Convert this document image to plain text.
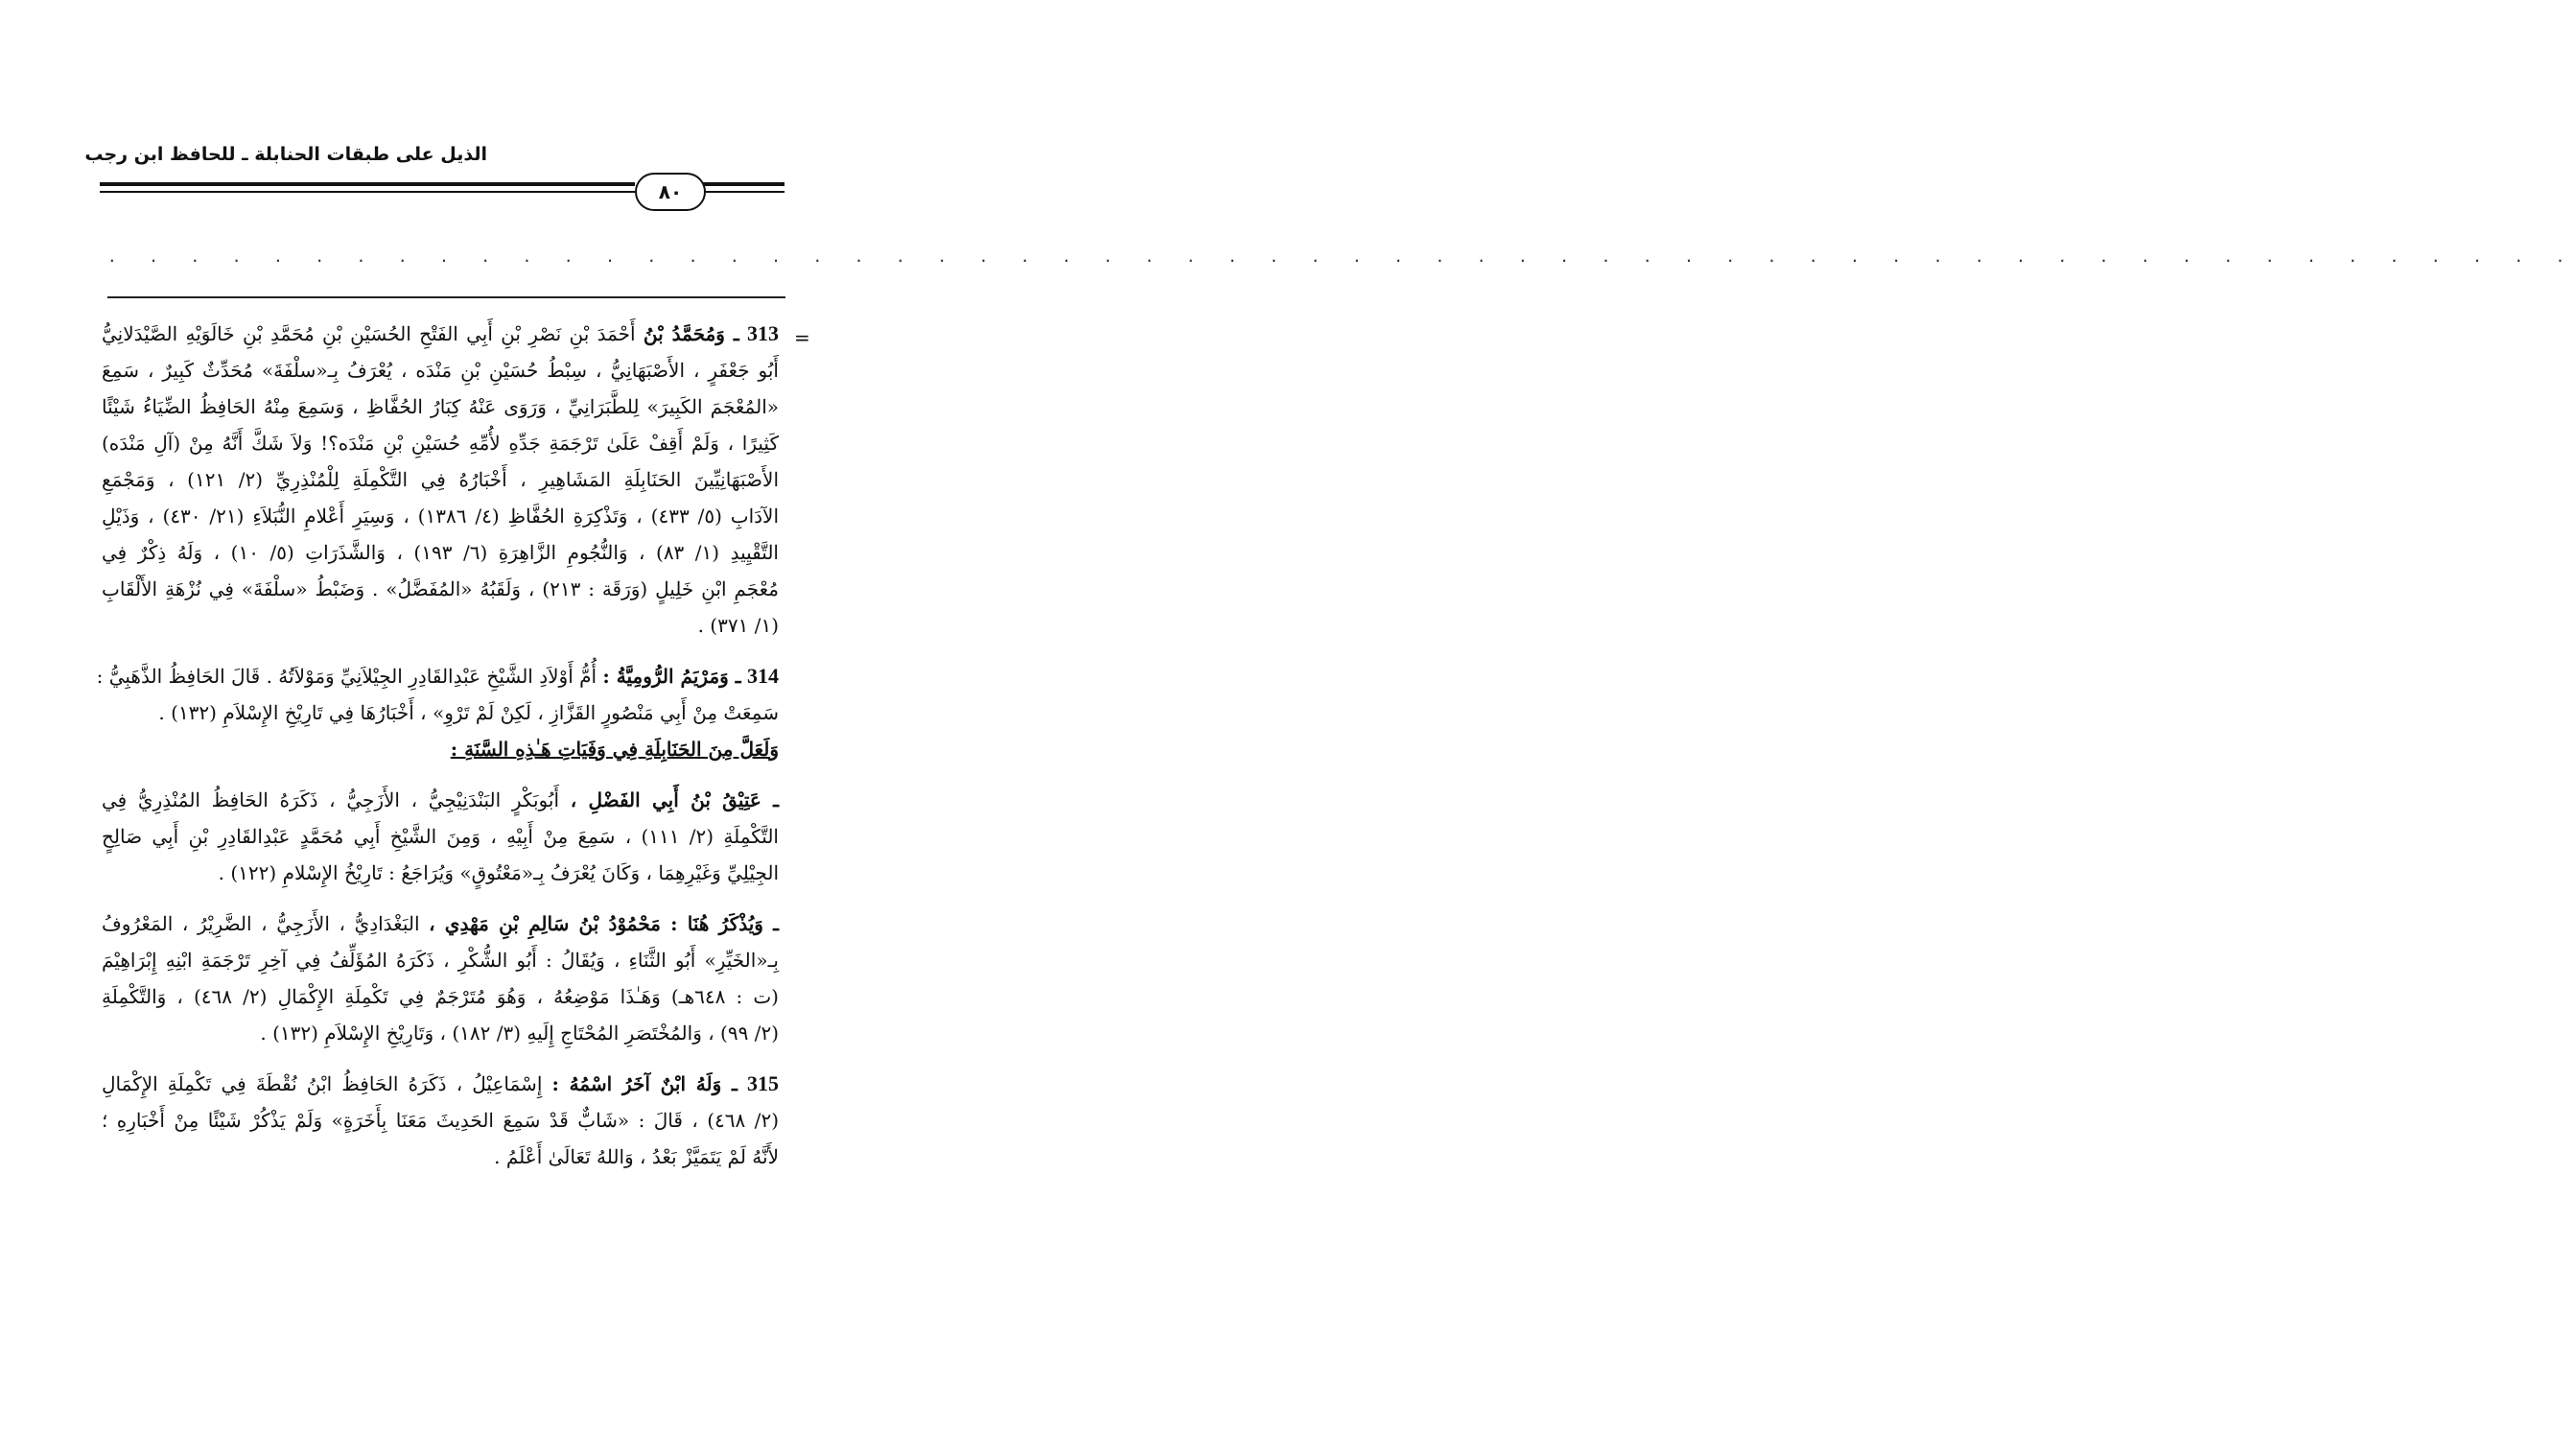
الذيل على طبقات الحنابلة ـ للحافظ ابن رجب
٨٠
. . . . . . . . . . . . . . . . . . . . . . . . . . . . . . . . . . . . . . . . . . . . . . . . . . . . . . . . . . . .
=
313 ـ وَمُحَمَّدُ بْنُ أَحْمَدَ بْنِ نَصْرِ بْنِ أَبِي الفَتْحِ الحُسَيْنِ بْنِ مُحَمَّدِ بْنِ خَالَوَيْهِ الصَّيْدَلانِيُّ
أَبُو جَعْفَرٍ ، الأَصْبَهَانِيُّ ، سِبْطُ حُسَيْنِ بْنِ مَنْدَه ، يُعْرَفُ بِـ«سلْفَةَ» مُحَدِّثٌ كَبِيرٌ ، سَمِعَ
«المُعْجَمَ الكَبِيرَ» لِلطَّبَرَانِيِّ ، وَرَوَى عَنْهُ كِبَارُ الحُفَّاظِ ، وَسَمِعَ مِنْهُ الحَافِظُ الضِّيَاءُ شَيْئًا
كَثِيرًا ، وَلَمْ أَقِفْ عَلَىٰ تَرْجَمَةِ جَدِّهِ لأُمِّهِ حُسَيْنِ بْنِ مَنْدَه؟! وَلاَ شَكَّ أَنَّهُ مِنْ (آلِ مَنْدَه)
الأَصْبَهَانِيِّينَ الحَنَابِلَةِ المَشَاهِيرِ ، أَخْبَارُهُ فِي التَّكْمِلَةِ لِلْمُنْذِرِيِّ (٢/ ١٢١) ، وَمَجْمَعِ
الآدَابِ (٥/ ٤٣٣) ، وَتَذْكِرَةِ الحُفَّاظِ (٤/ ١٣٨٦) ، وَسِيَرِ أَعْلامِ النُّبَلاَءِ (٢١/ ٤٣٠) ، وَذَيْلِ
التَّقْيِيدِ (١/ ٨٣) ، وَالنُّجُومِ الزَّاهِرَةِ (٦/ ١٩٣) ، وَالشَّذَرَاتِ (٥/ ١٠) ، وَلَهُ ذِكْرٌ فِي
مُعْجَمِ ابْنِ خَلِيلٍ (وَرَقَة : ٢١٣) ، وَلَقَبُهُ «المُفَضَّلُ» . وَضَبْطُ «سلْفَةَ» فِي نُزْهَةِ الأَلْقَابِ
(١/ ٣٧١) .
314 ـ وَمَرْيَمُ الرُّومِيَّةُ : أُمُّ أَوْلاَدِ الشَّيْخِ عَبْدِالقَادِرِ الجِيْلاَنِيِّ وَمَوْلاَتُهُ . قَالَ الحَافِظُ الذَّهَبِيُّ :
سَمِعَتْ مِنْ أَبِي مَنْصُورٍ القَزَّازِ ، لَكِنْ لَمْ تَرْوِ» ، أَخْبَارُهَا فِي تَارِيْخِ الإِسْلاَمِ (١٣٢) .
وَلَعَلَّ مِنَ الحَنَابِلَةِ فِي وَفَيَاتِ هَـٰذِهِ السَّنَةِ :
ـ عَتِيْقُ بْنُ أَبِي الفَضْلِ ، أَبُوبَكْرٍ البَنْدَنِيْجِيُّ ، الأَزَجِيُّ ، ذَكَرَهُ الحَافِظُ المُنْذِرِيُّ فِي
التَّكْمِلَةِ (٢/ ١١١) ، سَمِعَ مِنْ أَبِيْهِ ، وَمِنَ الشَّيْخِ أَبِي مُحَمَّدٍ عَبْدِالقَادِرِ بْنِ أَبِي صَالِحٍ
الجِيْلِيِّ وَغَيْرِهِمَا ، وَكَانَ يُعْرَفُ بِـ«مَعْتُوقٍ» وَيُرَاجَعُ : تَارِيْخُ الإِسْلامِ (١٢٢) .
ـ وَيُذْكَرُ هُنَا : مَحْمُوْدُ بْنُ سَالِمِ بْنِ مَهْدِي ، البَغْدَادِيُّ ، الأَزَجِيُّ ، الضَّرِيْرُ ، المَعْرُوفُ
بِـ«الخَيِّرِ» أَبُو الثَّنَاءِ ، وَيُقَالُ : أَبُو الشُّكْرِ ، ذَكَرَهُ المُؤَلِّفُ فِي آخِرِ تَرْجَمَةِ ابْنِهِ إِبْرَاهِيْمَ
(ت : ٦٤٨هـ) وَهَـٰذَا مَوْضِعُهُ ، وَهُوَ مُتَرْجَمٌ فِي تَكْمِلَةِ الإِكْمَالِ (٢/ ٤٦٨) ، وَالتَّكْمِلَةِ
(٢/ ٩٩) ، وَالمُخْتَصَرِ المُحْتَاجِ إِلَيهِ (٣/ ١٨٢) ، وَتَارِيْخِ الإِسْلاَمِ (١٣٢) .
315 ـ وَلَهُ ابْنٌ آخَرُ اسْمُهُ : إِسْمَاعِيْلُ ، ذَكَرَهُ الحَافِظُ ابْنُ نُقْطَةَ فِي تَكْمِلَةِ الإِكْمَالِ
(٢/ ٤٦٨) ، قَالَ : «شَابٌّ قَدْ سَمِعَ الحَدِيثَ مَعَنَا بِأَخَرَةٍ» وَلَمْ يَذْكُرْ شَيْئًا مِنْ أَخْبَارِهِ ؛
لأَنَّهُ لَمْ يَتَمَيَّزْ بَعْدُ ، وَاللهُ تَعَالَىٰ أَعْلَمُ .
